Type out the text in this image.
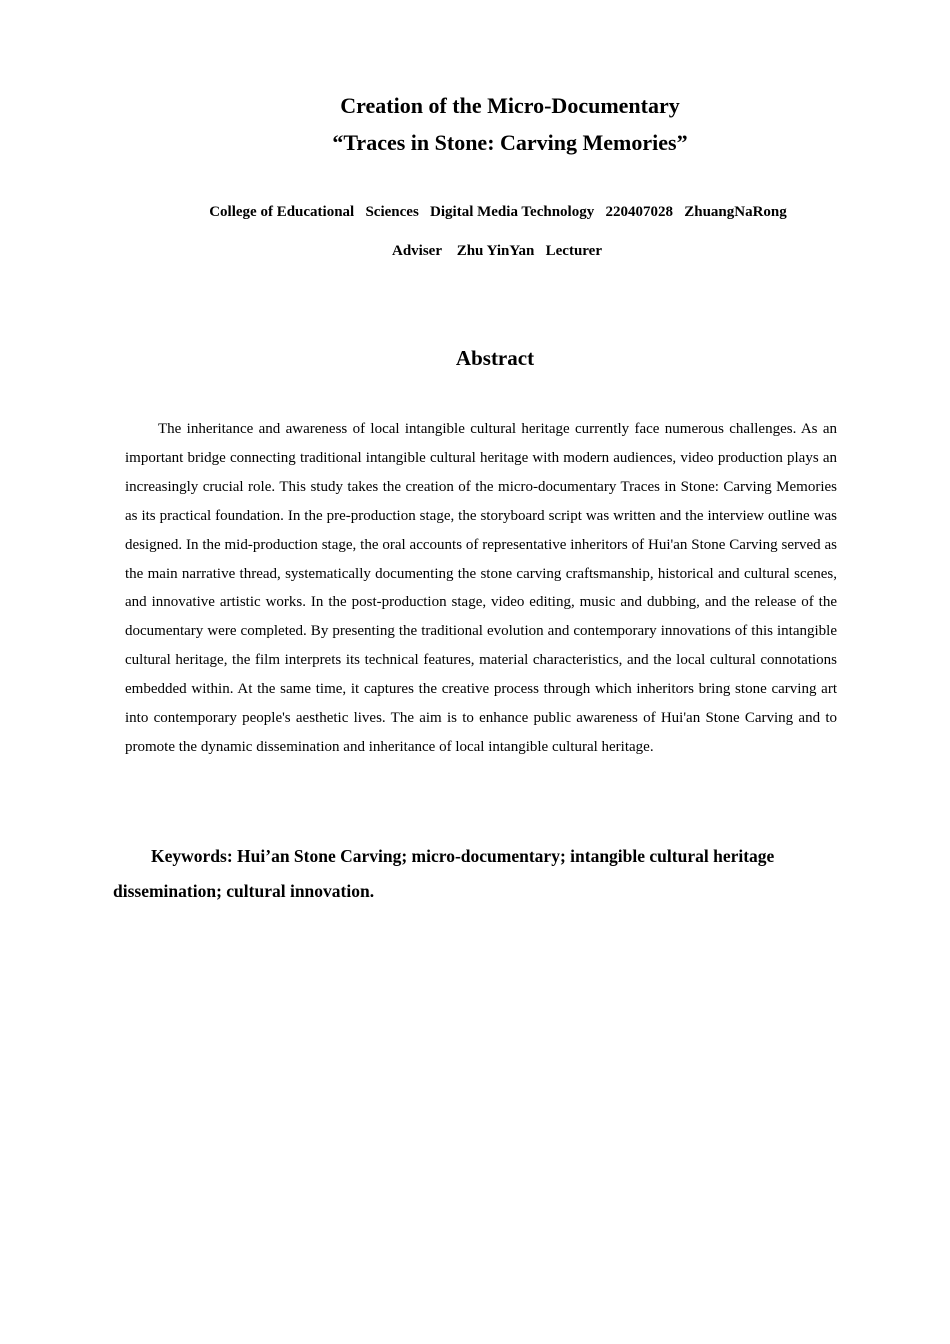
Creation of the Micro-Documentary
“Traces in Stone: Carving Memories”

College of Educational   Sciences   Digital Media Technology   220407028   ZhuangNaRong

Adviser    Zhu YinYan   Lecturer

Abstract

The inheritance and awareness of local intangible cultural heritage currently face numerous challenges. As an important bridge connecting traditional intangible cultural heritage with modern audiences, video production plays an increasingly crucial role. This study takes the creation of the micro-documentary Traces in Stone: Carving Memories as its practical foundation. In the pre-production stage, the storyboard script was written and the interview outline was designed. In the mid-production stage, the oral accounts of representative inheritors of Hui'an Stone Carving served as the main narrative thread, systematically documenting the stone carving craftsmanship, historical and cultural scenes, and innovative artistic works. In the post-production stage, video editing, music and dubbing, and the release of the documentary were completed. By presenting the traditional evolution and contemporary innovations of this intangible cultural heritage, the film interprets its technical features, material characteristics, and the local cultural connotations embedded within. At the same time, it captures the creative process through which inheritors bring stone carving art into contemporary people's aesthetic lives. The aim is to enhance public awareness of Hui'an Stone Carving and to promote the dynamic dissemination and inheritance of local intangible cultural heritage.

Keywords: Hui’an Stone Carving; micro-documentary; intangible cultural heritage dissemination; cultural innovation.
